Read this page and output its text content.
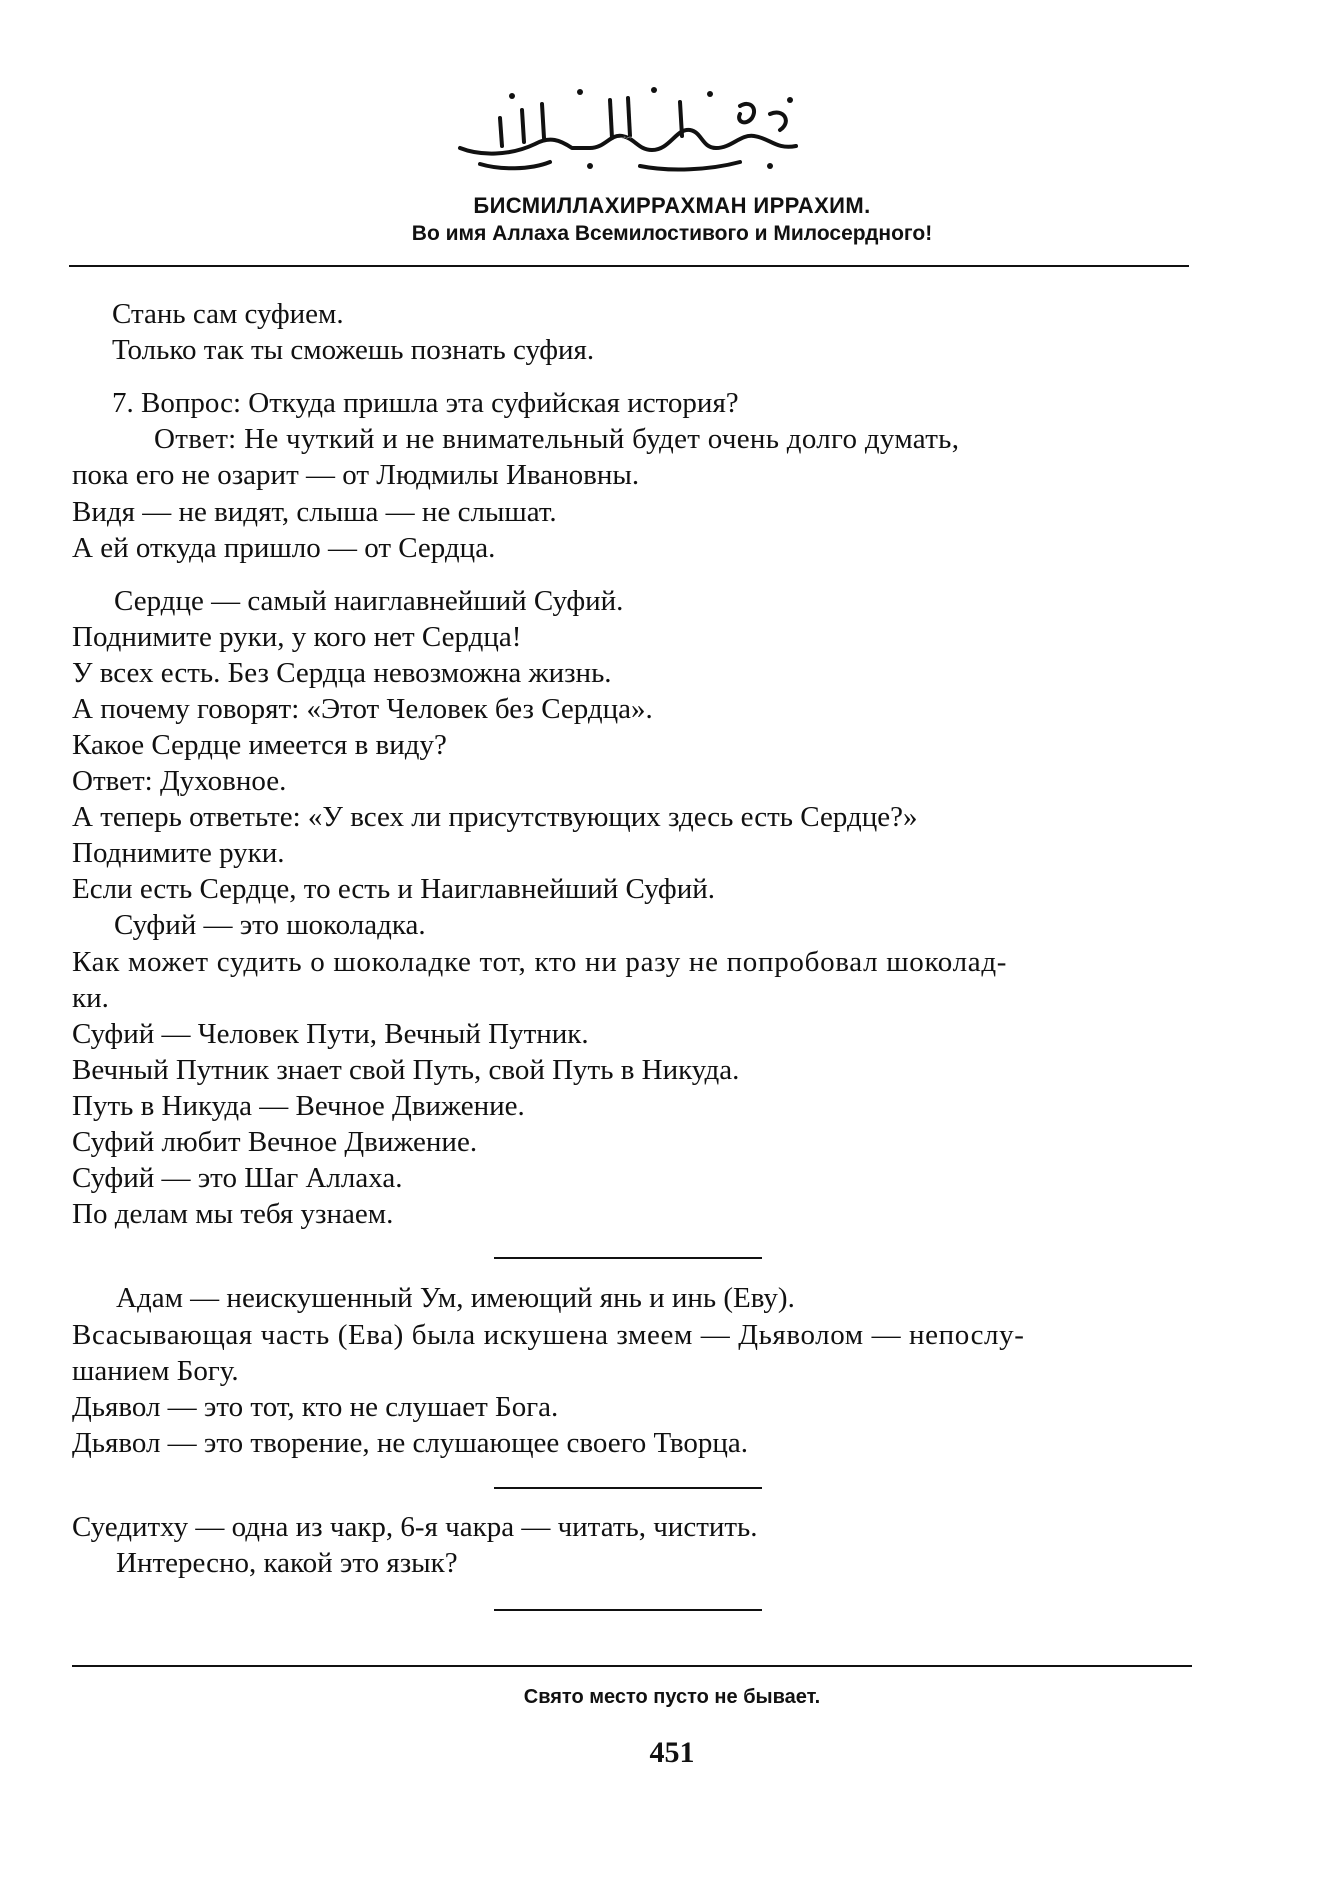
بِسْمِ اللَّهِ الرَّحْمَنِ الرَّحِيمِ
БИСМИЛЛАХИРРАХМАН ИРРАХИМ.
Во имя Аллаха Всемилостивого и Милосердного!
Стань сам суфием.
Только так ты сможешь познать суфия.
7. Вопрос: Откуда пришла эта суфийская история?
Ответ: Не чуткий и не внимательный будет очень долго думать,
пока его не озарит — от Людмилы Ивановны.
Видя — не видят, слыша — не слышат.
А ей откуда пришло — от Сердца.
Сердце — самый наиглавнейший Суфий.
Поднимите руки, у кого нет Сердца!
У всех есть. Без Сердца невозможна жизнь.
А почему говорят: «Этот Человек без Сердца».
Какое Сердце имеется в виду?
Ответ: Духовное.
А теперь ответьте: «У всех ли присутствующих здесь есть Сердце?»
Поднимите руки.
Если есть Сердце, то есть и Наиглавнейший Суфий.
Суфий — это шоколадка.
Как может судить о шоколадке тот, кто ни разу не попробовал шоколад-
ки.
Суфий — Человек Пути, Вечный Путник.
Вечный Путник знает свой Путь, свой Путь в Никуда.
Путь в Никуда — Вечное Движение.
Суфий любит Вечное Движение.
Суфий — это Шаг Аллаха.
По делам мы тебя узнаем.
Адам — неискушенный Ум, имеющий янь и инь (Еву).
Всасывающая часть (Ева) была искушена змеем — Дьяволом — непослу-
шанием Богу.
Дьявол — это тот, кто не слушает Бога.
Дьявол — это творение, не слушающее своего Творца.
Суедитху — одна из чакр, 6-я чакра — читать, чистить.
Интересно, какой это язык?
Свято место пусто не бывает.
451
